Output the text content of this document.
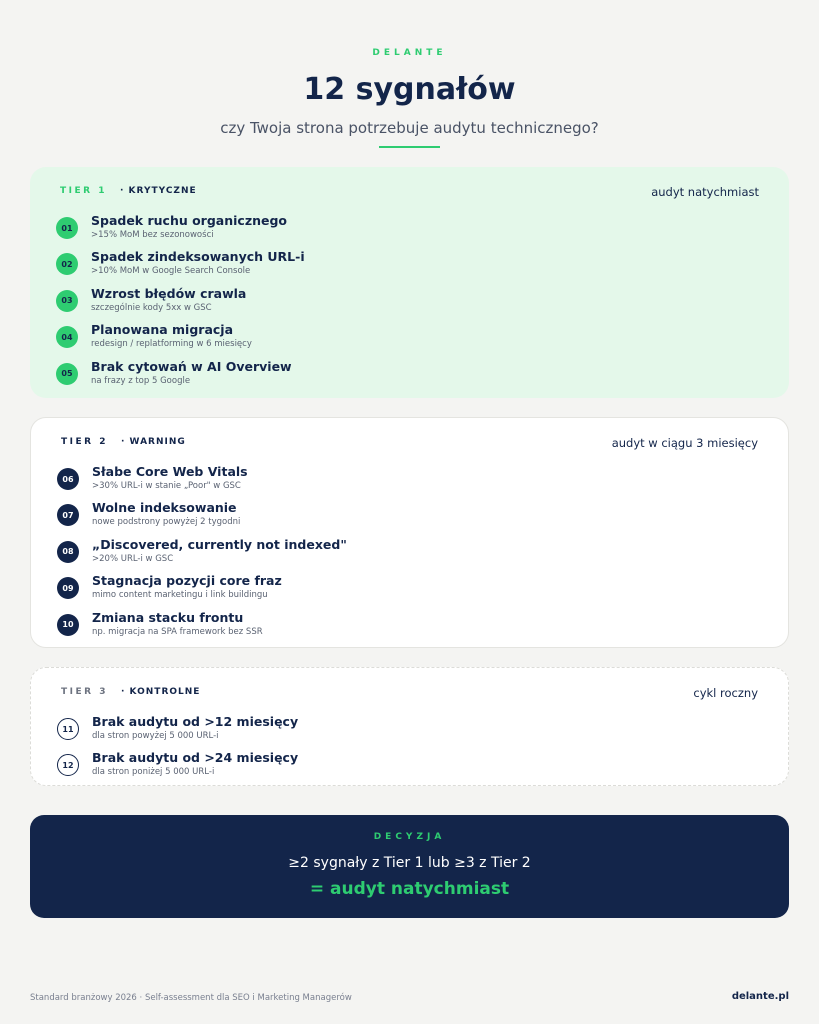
DELANTE
12 sygnałów
czy Twoja strona potrzebuje audytu technicznego?
TIER 1 · KRYTYCZNE	audyt natychmiast
01	Spadek ruchu organicznego
>15% MoM bez sezonowości
02	Spadek zindeksowanych URL-i
>10% MoM w Google Search Console
03	Wzrost błędów crawla
szczególnie kody 5xx w GSC
04	Planowana migracja
redesign / replatforming w 6 miesięcy
05	Brak cytowań w AI Overview
na frazy z top 5 Google
TIER 2 · WARNING	audyt w ciągu 3 miesięcy
06	Słabe Core Web Vitals
>30% URL-i w stanie „Poor" w GSC
07	Wolne indeksowanie
nowe podstrony powyżej 2 tygodni
08	„Discovered, currently not indexed"
>20% URL-i w GSC
09	Stagnacja pozycji core fraz
mimo content marketingu i link buildingu
10	Zmiana stacku frontu
np. migracja na SPA framework bez SSR
TIER 3 · KONTROLNE	cykl roczny
11	Brak audytu od >12 miesięcy
dla stron powyżej 5 000 URL-i
12	Brak audytu od >24 miesięcy
dla stron poniżej 5 000 URL-i
DECYZJA
≥2 sygnały z Tier 1 lub ≥3 z Tier 2
= audyt natychmiast
Standard branżowy 2026 · Self-assessment dla SEO i Marketing Managerów	delante.pl
